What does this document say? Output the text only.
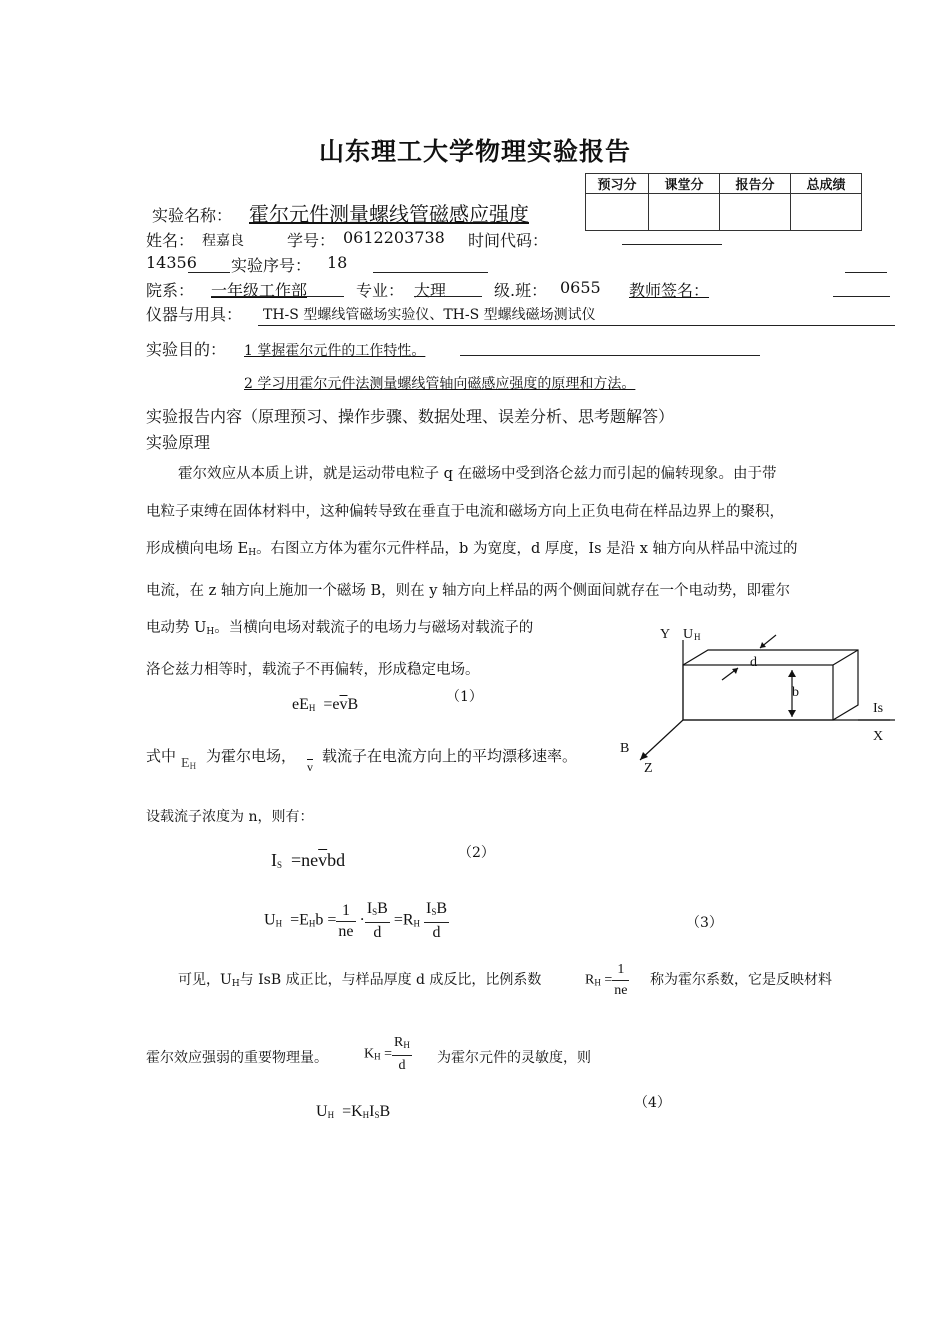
山东理工大学物理实验报告
预习分	课堂分	报告分	总成绩

实验名称： 霍尔元件测量螺线管磁感应强度
姓名： 程嘉良	学号： 0612203738 时间代码：
14356 实验序号： 18
院系： 一年级工作部	专业： 大理	级.班： 0655 教师签名：
仪器与用具： TH-S 型螺线管磁场实验仪、TH-S 型螺线磁场测试仪
实验目的： 1 掌握霍尔元件的工作特性。
2 学习用霍尔元件法测量螺线管轴向磁感应强度的原理和方法。
实验报告内容（原理预习、操作步骤、数据处理、误差分析、思考题解答）
实验原理
霍尔效应从本质上讲，就是运动带电粒子 q 在磁场中受到洛仑兹力而引起的偏转现象。由于带
电粒子束缚在固体材料中，这种偏转导致在垂直于电流和磁场方向上正负电荷在样品边界上的聚积，
形成横向电场 $E_H$。右图立方体为霍尔元件样品，b 为宽度，d 厚度，Is 是沿 x 轴方向从样品中流过的
电流，在 z 轴方向上施加一个磁场 B，则在 y 轴方向上样品的两个侧面间就存在一个电动势，即霍尔
电动势 $U_H$。当横向电场对载流子的电场力与磁场对载流子的
洛仑兹力相等时，载流子不再偏转，形成稳定电场。
$eE_H =e\overline{v}B$	（1）
式中 $E_H$
为霍尔电场，
$\overline{v}$
载流子在电流方向上的平均漂移速率。
设载流子浓度为 n，则有：
$I_S =ne\overline{v}bd$	（2）
$U_H =E_Hb = \frac{1}{ne} \cdot \frac{I_SB}{d} =R_H \frac{I_SB}{d}$	（3）
可见，$U_H$与 IsB 成正比，与样品厚度 d 成反比，比例系数	$R_H = \frac{1}{ne}$ 称为霍尔系数，它是反映材料
霍尔效应强弱的重要物理量。	$K_H = \frac{R_H}{d}$ 为霍尔元件的灵敏度，则
$U_H =K_HI_SB$	（4）
Y U H
d
b
Is
X
B
Z
